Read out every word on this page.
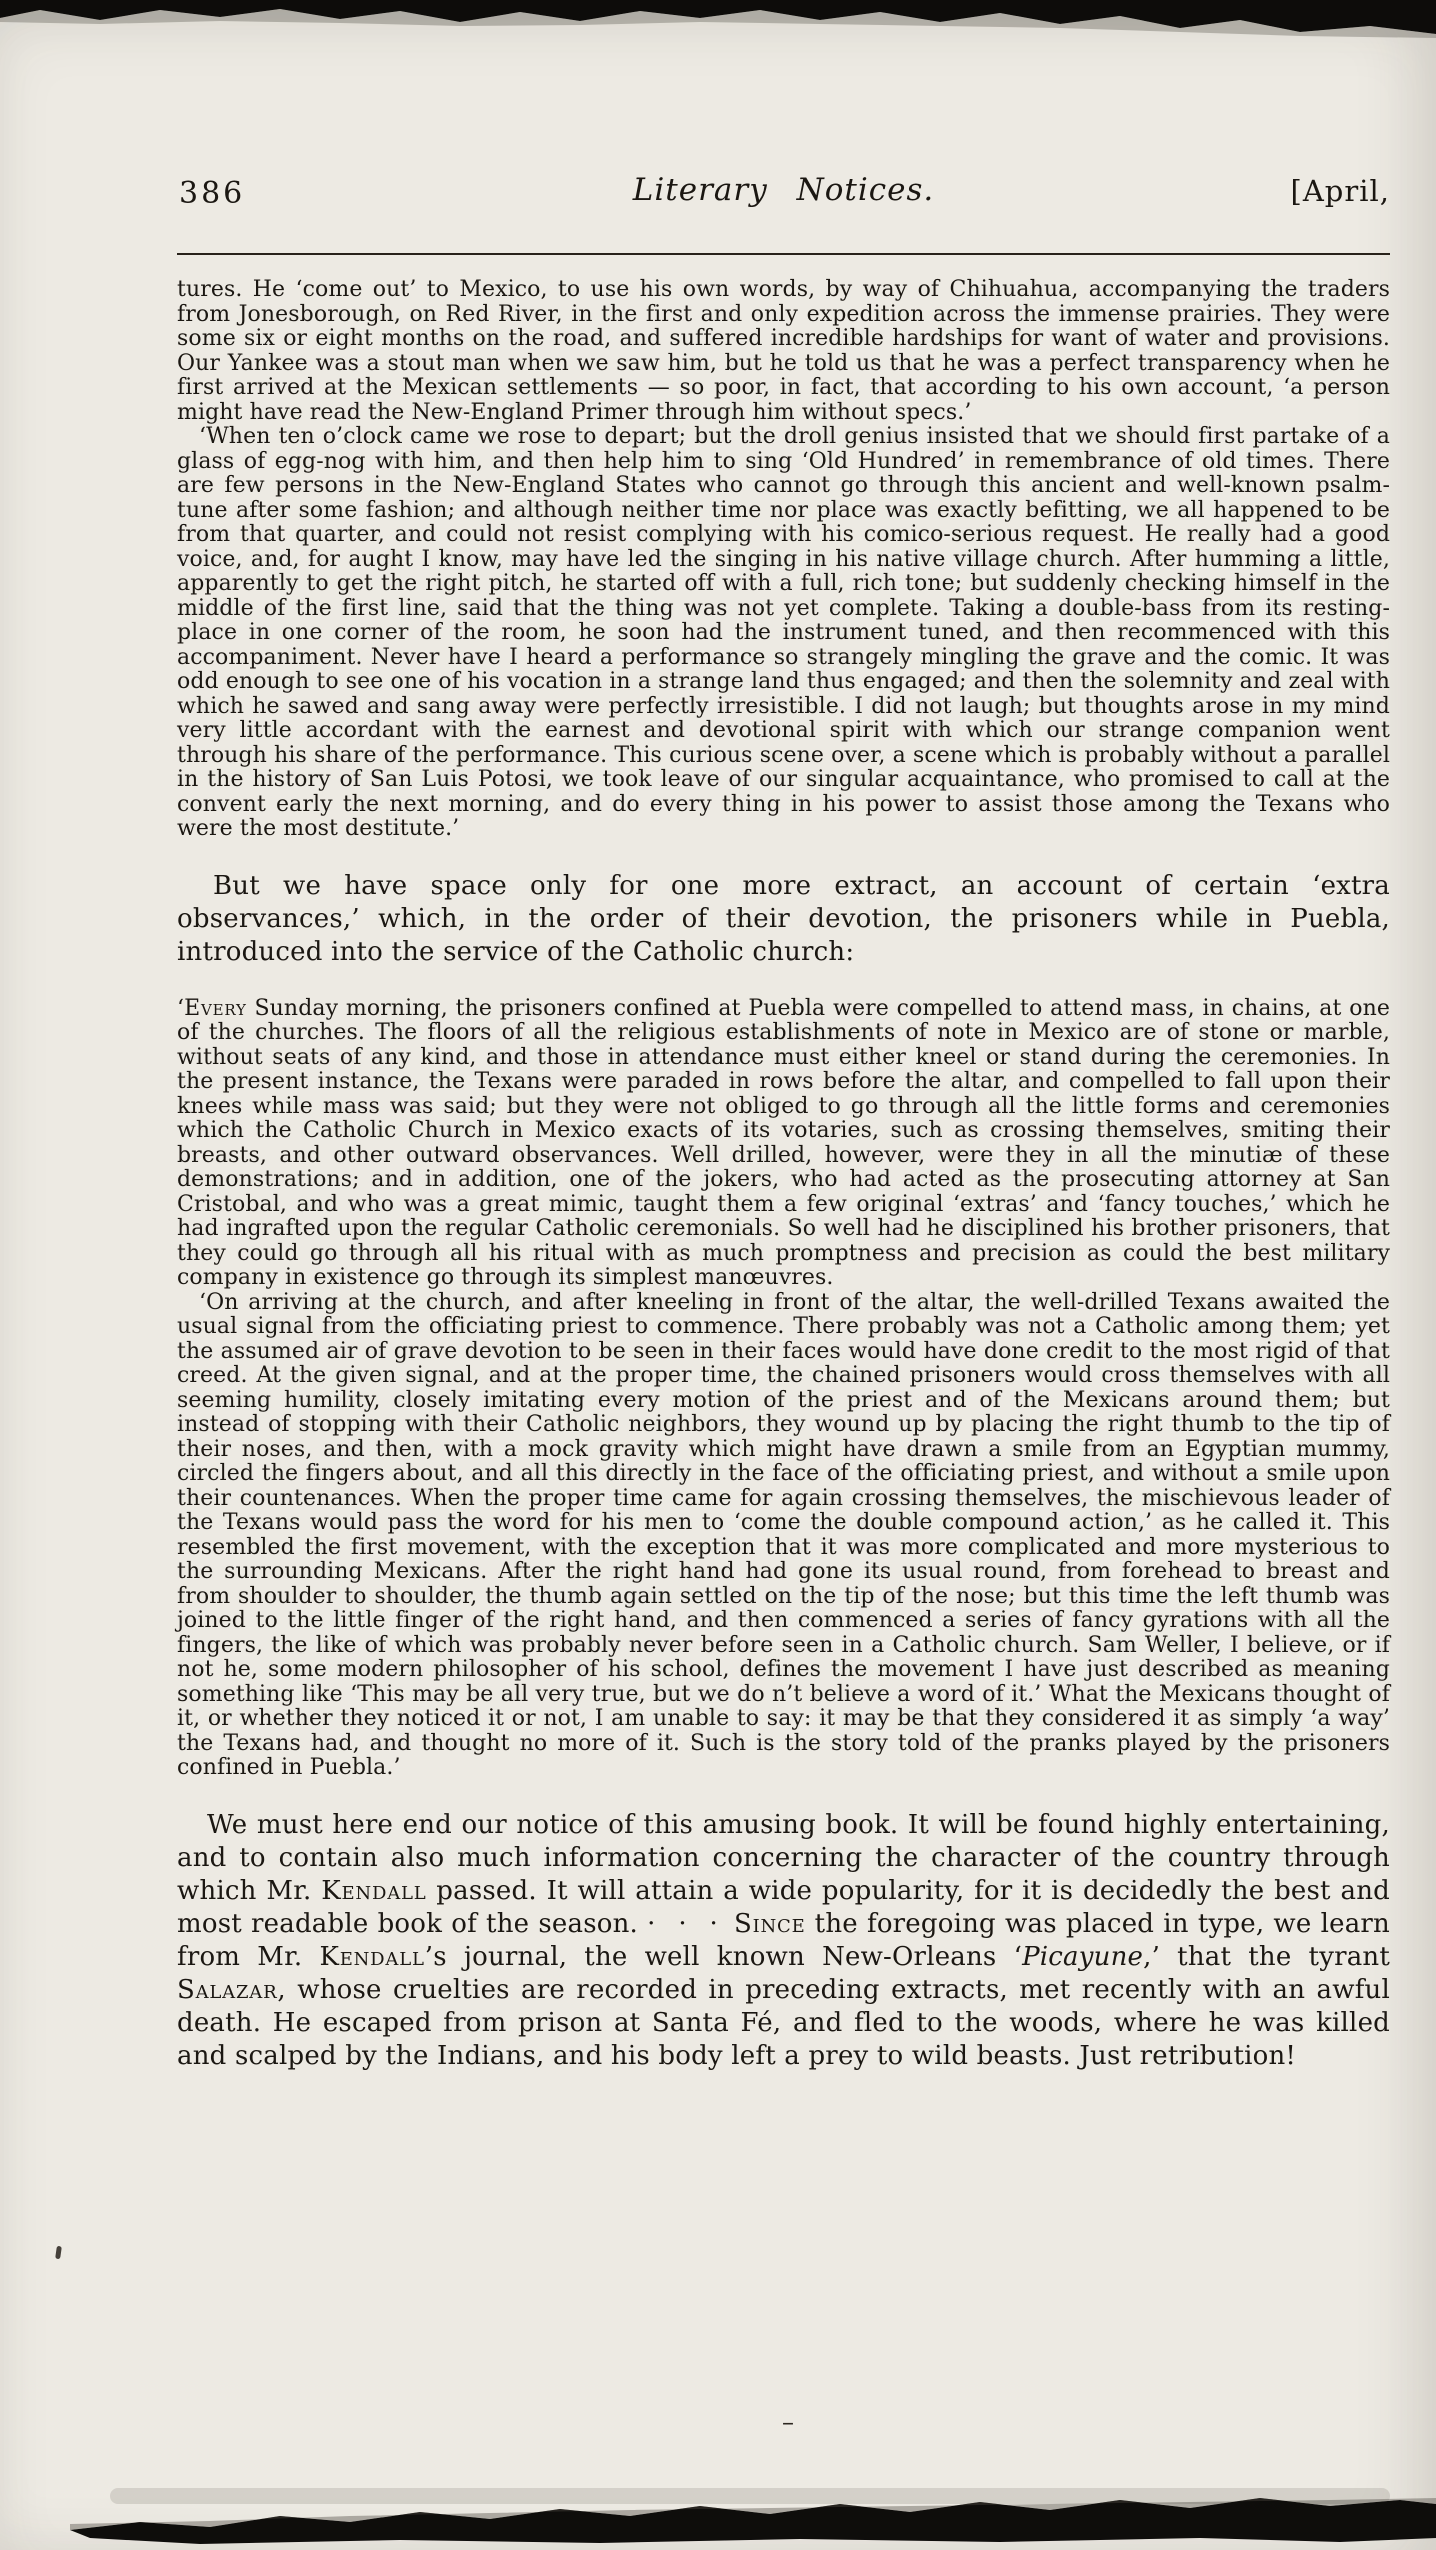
386	Literary Notices.	[April,

tures. He ‘come out’ to Mexico, to use his own words, by way of Chihuahua, accompanying the traders from Jonesborough, on Red River, in the first and only expedition across the immense prairies. They were some six or eight months on the road, and suffered incredible hardships for want of water and provisions. Our Yankee was a stout man when we saw him, but he told us that he was a perfect transparency when he first arrived at the Mexican settlements — so poor, in fact, that according to his own account, ‘a person might have read the New-England Primer through him without specs.’

‘When ten o’clock came we rose to depart; but the droll genius insisted that we should first partake of a glass of egg-nog with him, and then help him to sing ‘Old Hundred’ in remembrance of old times. There are few persons in the New-England States who cannot go through this ancient and well-known psalm-tune after some fashion; and although neither time nor place was exactly befitting, we all happened to be from that quarter, and could not resist complying with his comico-serious request. He really had a good voice, and, for aught I know, may have led the singing in his native village church. After humming a little, apparently to get the right pitch, he started off with a full, rich tone; but suddenly checking himself in the middle of the first line, said that the thing was not yet complete. Taking a double-bass from its resting-place in one corner of the room, he soon had the instrument tuned, and then recommenced with this accompaniment. Never have I heard a performance so strangely mingling the grave and the comic. It was odd enough to see one of his vocation in a strange land thus engaged; and then the solemnity and zeal with which he sawed and sang away were perfectly irresistible. I did not laugh; but thoughts arose in my mind very little accordant with the earnest and devotional spirit with which our strange companion went through his share of the performance. This curious scene over, a scene which is probably without a parallel in the history of San Luis Potosi, we took leave of our singular acquaintance, who promised to call at the convent early the next morning, and do every thing in his power to assist those among the Texans who were the most destitute.’

But we have space only for one more extract, an account of certain ‘extra observances,’ which, in the order of their devotion, the prisoners while in Puebla, introduced into the service of the Catholic church:

‘Every Sunday morning, the prisoners confined at Puebla were compelled to attend mass, in chains, at one of the churches. The floors of all the religious establishments of note in Mexico are of stone or marble, without seats of any kind, and those in attendance must either kneel or stand during the ceremonies. In the present instance, the Texans were paraded in rows before the altar, and compelled to fall upon their knees while mass was said; but they were not obliged to go through all the little forms and ceremonies which the Catholic Church in Mexico exacts of its votaries, such as crossing themselves, smiting their breasts, and other outward observances. Well drilled, however, were they in all the minutiæ of these demonstrations; and in addition, one of the jokers, who had acted as the prosecuting attorney at San Cristobal, and who was a great mimic, taught them a few original ‘extras’ and ‘fancy touches,’ which he had ingrafted upon the regular Catholic ceremonials. So well had he disciplined his brother prisoners, that they could go through all his ritual with as much promptness and precision as could the best military company in existence go through its simplest manœuvres.

‘On arriving at the church, and after kneeling in front of the altar, the well-drilled Texans awaited the usual signal from the officiating priest to commence. There probably was not a Catholic among them; yet the assumed air of grave devotion to be seen in their faces would have done credit to the most rigid of that creed. At the given signal, and at the proper time, the chained prisoners would cross themselves with all seeming humility, closely imitating every motion of the priest and of the Mexicans around them; but instead of stopping with their Catholic neighbors, they wound up by placing the right thumb to the tip of their noses, and then, with a mock gravity which might have drawn a smile from an Egyptian mummy, circled the fingers about, and all this directly in the face of the officiating priest, and without a smile upon their countenances. When the proper time came for again crossing themselves, the mischievous leader of the Texans would pass the word for his men to ‘come the double compound action,’ as he called it. This resembled the first movement, with the exception that it was more complicated and more mysterious to the surrounding Mexicans. After the right hand had gone its usual round, from forehead to breast and from shoulder to shoulder, the thumb again settled on the tip of the nose; but this time the left thumb was joined to the little finger of the right hand, and then commenced a series of fancy gyrations with all the fingers, the like of which was probably never before seen in a Catholic church. Sam Weller, I believe, or if not he, some modern philosopher of his school, defines the movement I have just described as meaning something like ‘This may be all very true, but we do n’t believe a word of it.’ What the Mexicans thought of it, or whether they noticed it or not, I am unable to say: it may be that they considered it as simply ‘a way’ the Texans had, and thought no more of it. Such is the story told of the pranks played by the prisoners confined in Puebla.’

We must here end our notice of this amusing book. It will be found highly entertaining, and to contain also much information concerning the character of the country through which Mr. Kendall passed. It will attain a wide popularity, for it is decidedly the best and most readable book of the season. · · · Since the foregoing was placed in type, we learn from Mr. Kendall’s journal, the well known New-Orleans ‘Picayune,’ that the tyrant Salazar, whose cruelties are recorded in preceding extracts, met recently with an awful death. He escaped from prison at Santa Fé, and fled to the woods, where he was killed and scalped by the Indians, and his body left a prey to wild beasts. Just retribution!

–
